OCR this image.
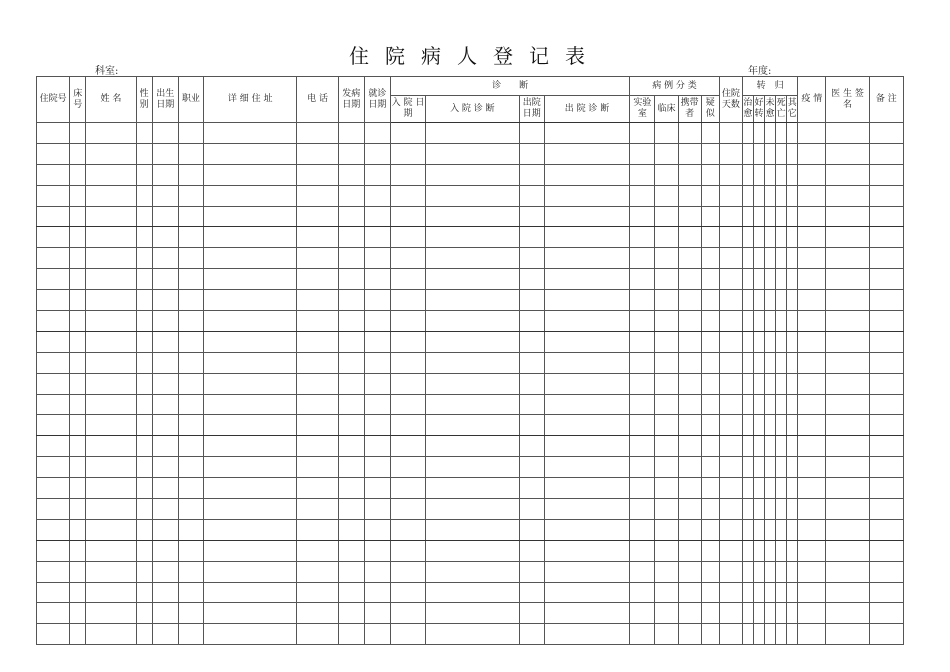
住院病人登记表
科室:	年度:
住院号	床号	姓 名	性别	出生日期	职业	详 细 住 址	电 话	发病日期	就诊日期	诊　　断				病 例 分 类				住院天数	转　归					疫 情	医 生 签 名	备 注
										入 院 日 期	入 院 诊 断	出院日期	出 院 诊 断	实验室	临床	携带者	疑似		治愈	好转	未愈	死亡	其它			
